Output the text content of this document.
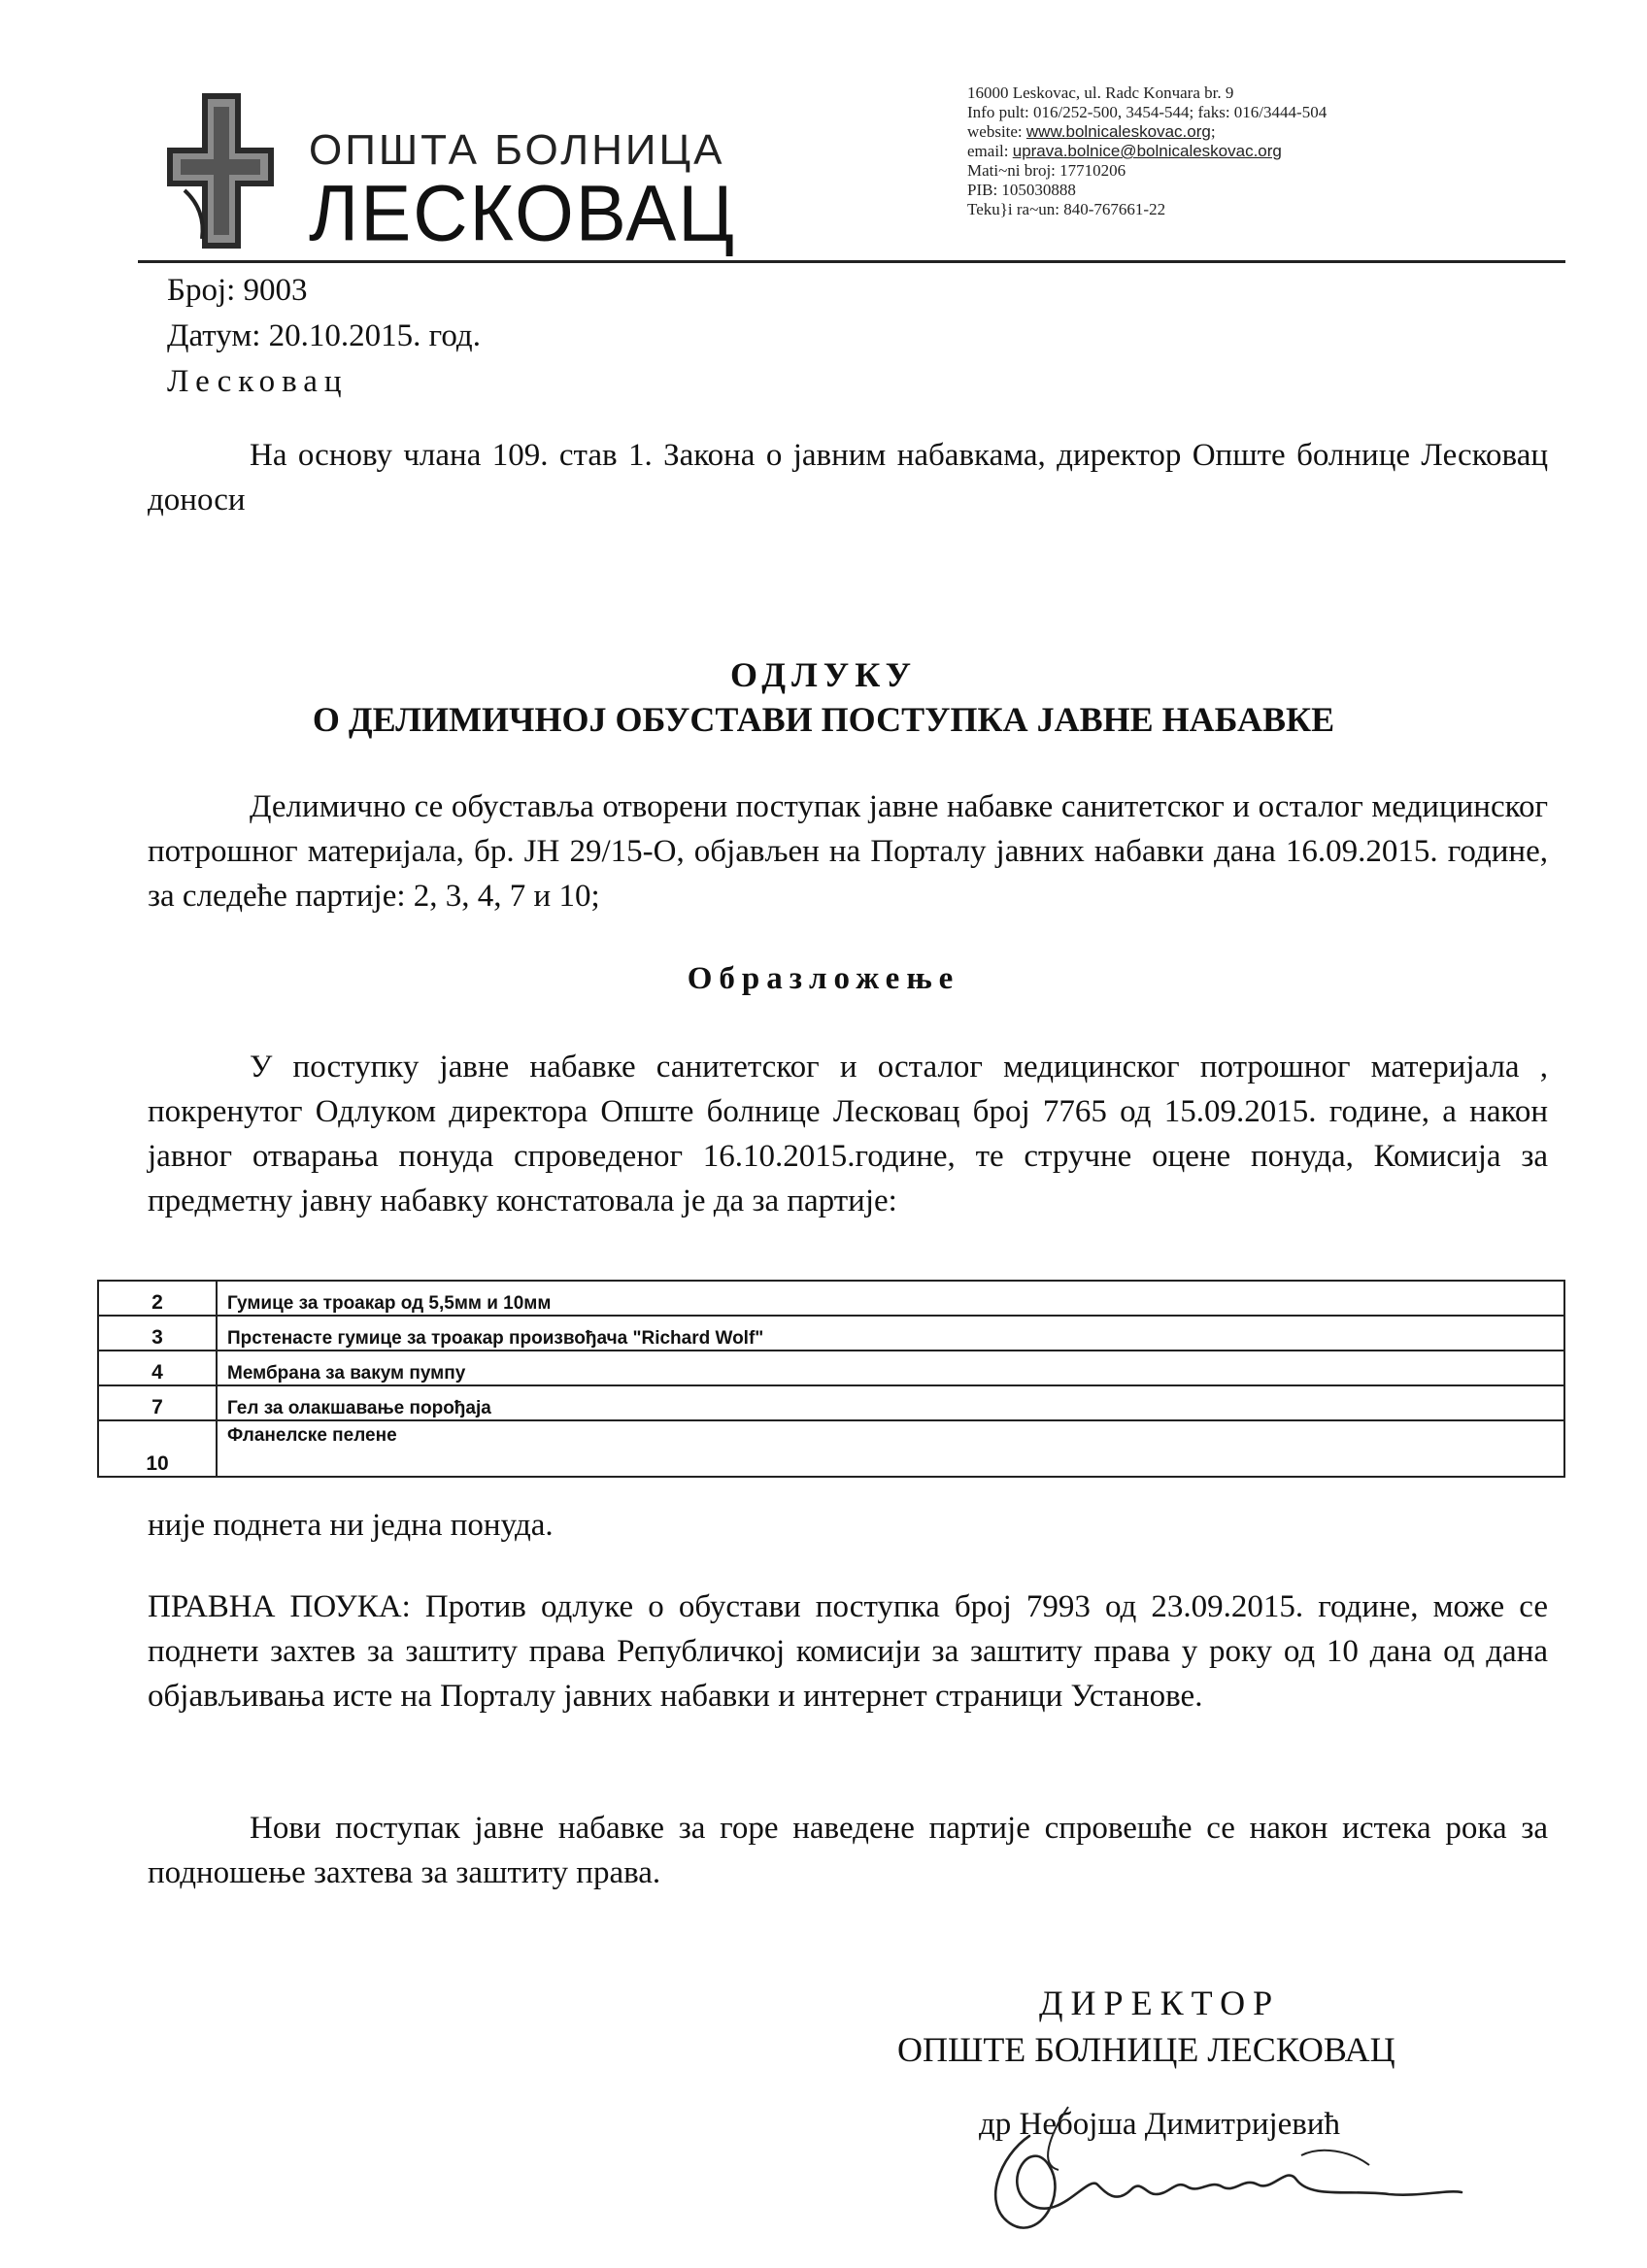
ОПШТА БОЛНИЦА
ЛЕСКОВАЦ
16000 Leskovac, ul. Radc Konчara br. 9
Info pult: 016/252-500, 3454-544; faks: 016/3444-504
website: www.bolnicaleskovac.org;
email: uprava.bolnice@bolnicaleskovac.org
Mati~ni broj: 17710206
PIB: 105030888
Teku}i ra~un: 840-767661-22
Број: 9003
Датум: 20.10.2015. год.
Лесковац
На основу члана 109. став 1. Закона о јавним набавкама, директор Опште болнице Лесковац доноси
ОДЛУКУ
О ДЕЛИМИЧНОЈ ОБУСТАВИ ПОСТУПКА ЈАВНЕ НАБАВКЕ
Делимично се обуставља отворени поступак јавне набавке санитетског и осталог медицинског потрошног материјала, бр. ЈН 29/15-О, објављен на Порталу јавних набавки дана 16.09.2015. године, за следеће партије: 2, 3, 4, 7 и 10;
Образложење
У поступку јавне набавке санитетског и осталог медицинског потрошног материјала , покренутог Одлуком директора Опште болнице Лесковац број 7765 од 15.09.2015. године, а након јавног отварања понуда спроведеног 16.10.2015.године, те стручне оцене понуда, Комисија за предметну јавну набавку констатовала је да за партије:
2	Гумице за троакар од 5,5мм и 10мм
3	Прстенасте гумице за троакар произвођача "Richard Wolf"
4	Мембрана за вакум пумпу
7	Гел за олакшавање порођаја
10	Фланелске пелене
није поднета ни једна понуда.
ПРАВНА ПОУКА: Против одлуке о обустави поступка број 7993 од 23.09.2015. године, може се поднети захтев за заштиту права Републичкој комисији за заштиту права у року од 10 дана од дана објављивања исте на Порталу јавних набавки и интернет страници Установе.
Нови поступак јавне набавке за горе наведене партије спровешће се након истека рока за подношење захтева за заштиту права.
ДИРЕКТОР
ОПШТЕ БОЛНИЦЕ ЛЕСКОВАЦ
др Небојша Димитријевић
